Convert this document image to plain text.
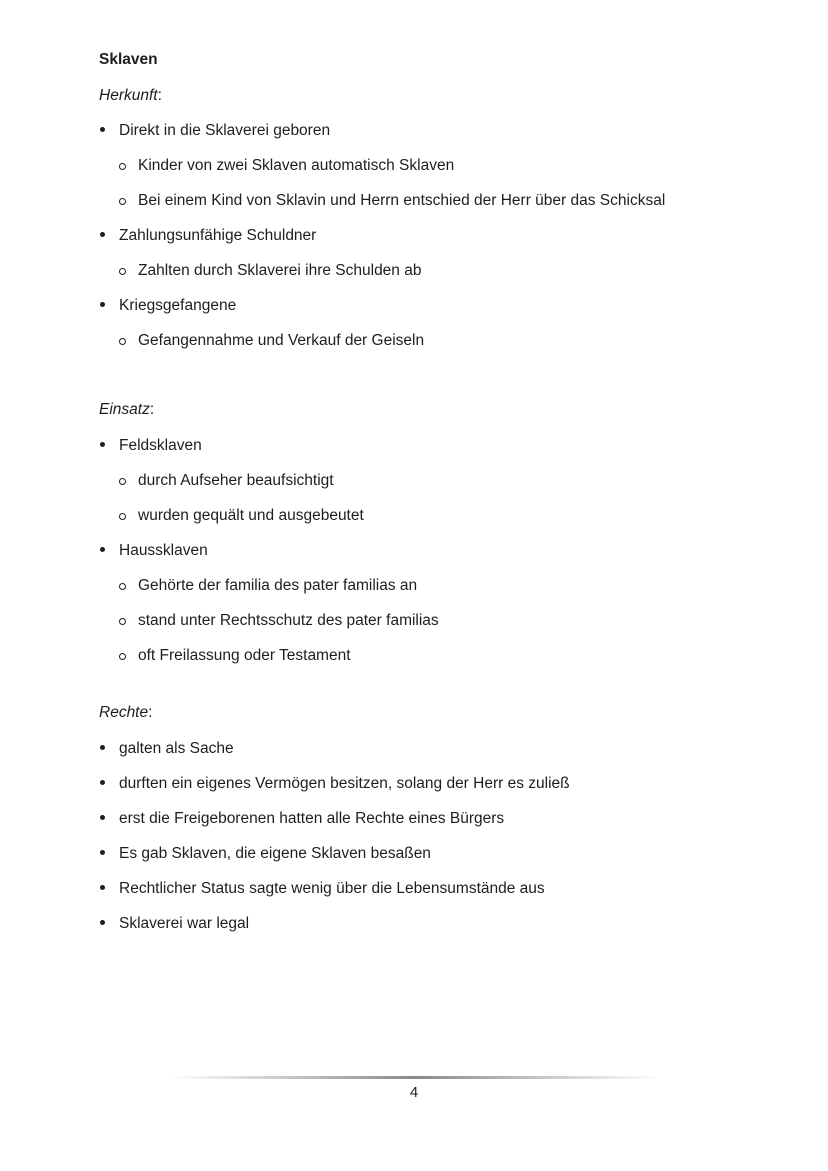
Sklaven

Herkunft:

Direkt in die Sklaverei geboren
Kinder von zwei Sklaven automatisch Sklaven
Bei einem Kind von Sklavin und Herrn entschied der Herr über das Schicksal
Zahlungsunfähige Schuldner
Zahlten durch Sklaverei ihre Schulden ab
Kriegsgefangene
Gefangennahme und Verkauf der Geiseln

Einsatz:

Feldsklaven
durch Aufseher beaufsichtigt
wurden gequält und ausgebeutet
Haussklaven
Gehörte der familia des pater familias an
stand unter Rechtsschutz des pater familias
oft Freilassung oder Testament

Rechte:

galten als Sache
durften ein eigenes Vermögen besitzen, solang der Herr es zuließ
erst die Freigeborenen hatten alle Rechte eines Bürgers
Es gab Sklaven, die eigene Sklaven besaßen
Rechtlicher Status sagte wenig über die Lebensumstände aus
Sklaverei war legal
4
